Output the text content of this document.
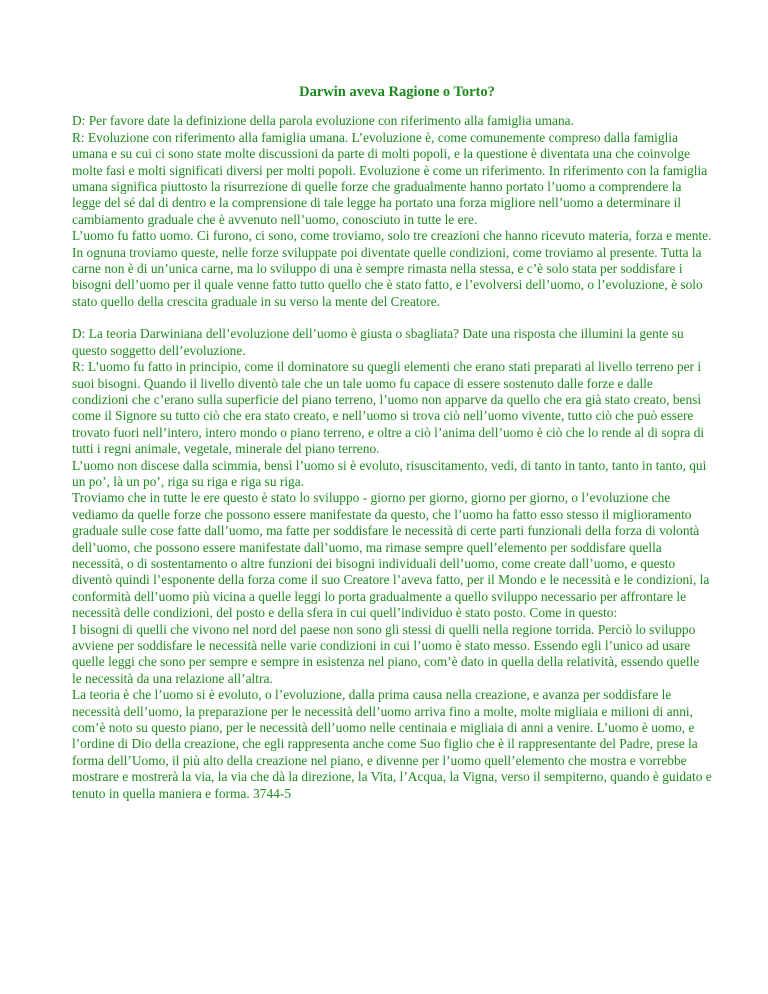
Darwin aveva Ragione o Torto?

D: Per favore date la definizione della parola evoluzione con riferimento alla famiglia umana.

R: Evoluzione con riferimento alla famiglia umana. L’evoluzione è, come comunemente compreso dalla famiglia umana e su cui ci sono state molte discussioni da parte di molti popoli, e la questione è diventata una che coinvolge molte fasi e molti significati diversi per molti popoli. Evoluzione è come un riferimento. In riferimento con la famiglia umana significa piuttosto la risurrezione di quelle forze che gradualmente hanno portato l’uomo a comprendere la legge del sé dal di dentro e la comprensione di tale legge ha portato una forza migliore nell’uomo a determinare il cambiamento graduale che è avvenuto nell’uomo, conosciuto in tutte le ere.

L’uomo fu fatto uomo. Ci furono, ci sono, come troviamo, solo tre creazioni che hanno ricevuto materia, forza e mente. In ognuna troviamo queste, nelle forze sviluppate poi diventate quelle condizioni, come troviamo al presente. Tutta la carne non è di un’unica carne, ma lo sviluppo di una è sempre rimasta nella stessa, e c’è solo stata per soddisfare i bisogni dell’uomo per il quale venne fatto tutto quello che è stato fatto, e l’evolversi dell’uomo, o l’evoluzione, è solo stato quello della crescita graduale in su verso la mente del Creatore.

D: La teoria Darwiniana dell’evoluzione dell’uomo è giusta o sbagliata? Date una risposta che illumini la gente su questo soggetto dell’evoluzione.

R: L’uomo fu fatto in principio, come il dominatore su quegli elementi che erano stati preparati al livello terreno per i suoi bisogni. Quando il livello diventò tale che un tale uomo fu capace di essere sostenuto dalle forze e dalle condizioni che c’erano sulla superficie del piano terreno, l’uomo non apparve da quello che era già stato creato, bensì come il Signore su tutto ciò che era stato creato, e nell’uomo si trova ciò nell’uomo vivente, tutto ciò che può essere trovato fuori nell’intero, intero mondo o piano terreno, e oltre a ciò l’anima dell’uomo è ciò che lo rende al di sopra di tutti i regni animale, vegetale, minerale del piano terreno.

L’uomo non discese dalla scimmia, bensì l’uomo si è evoluto, risuscitamento, vedi, di tanto in tanto, tanto in tanto, qui un po’, là un po’, riga su riga e riga su riga.

Troviamo che in tutte le ere questo è stato lo sviluppo - giorno per giorno, giorno per giorno, o l’evoluzione che vediamo da quelle forze che possono essere manifestate da questo, che l’uomo ha fatto esso stesso il miglioramento graduale sulle cose fatte dall’uomo, ma fatte per soddisfare le necessità di certe parti funzionali della forza di volontà dell’uomo, che possono essere manifestate dall’uomo, ma rimase sempre quell’elemento per soddisfare quella necessità, o di sostentamento o altre funzioni dei bisogni individuali dell’uomo, come create dall’uomo, e questo diventò quindi l’esponente della forza come il suo Creatore l’aveva fatto, per il Mondo e le necessità e le condizioni, la conformità dell’uomo più vicina a quelle leggi lo porta gradualmente a quello sviluppo necessario per affrontare le necessità delle condizioni, del posto e della sfera in cui quell’individuo è stato posto. Come in questo:

I bisogni di quelli che vivono nel nord del paese non sono gli stessi di quelli nella regione torrida. Perciò lo sviluppo avviene per soddisfare le necessità nelle varie condizioni in cui l’uomo è stato messo. Essendo egli l’unico ad usare quelle leggi che sono per sempre e sempre in esistenza nel piano, com’è dato in quella della relatività, essendo quelle le necessità da una relazione all’altra.

La teoria è che l’uomo si è evoluto, o l’evoluzione, dalla prima causa nella creazione, e avanza per soddisfare le necessità dell’uomo, la preparazione per le necessità dell’uomo arriva fino a molte, molte migliaia e milioni di anni, com’è noto su questo piano, per le necessità dell’uomo nelle centinaia e migliaia di anni a venire. L’uomo è uomo, e l’ordine di Dio della creazione, che egli rappresenta anche come Suo figlio che è il rappresentante del Padre, prese la forma dell’Uomo, il più alto della creazione nel piano, e divenne per l’uomo quell’elemento che mostra e vorrebbe mostrare e mostrerà la via, la via che dà la direzione, la Vita, l’Acqua, la Vigna, verso il sempiterno, quando è guidato e tenuto in quella maniera e forma. 3744-5
